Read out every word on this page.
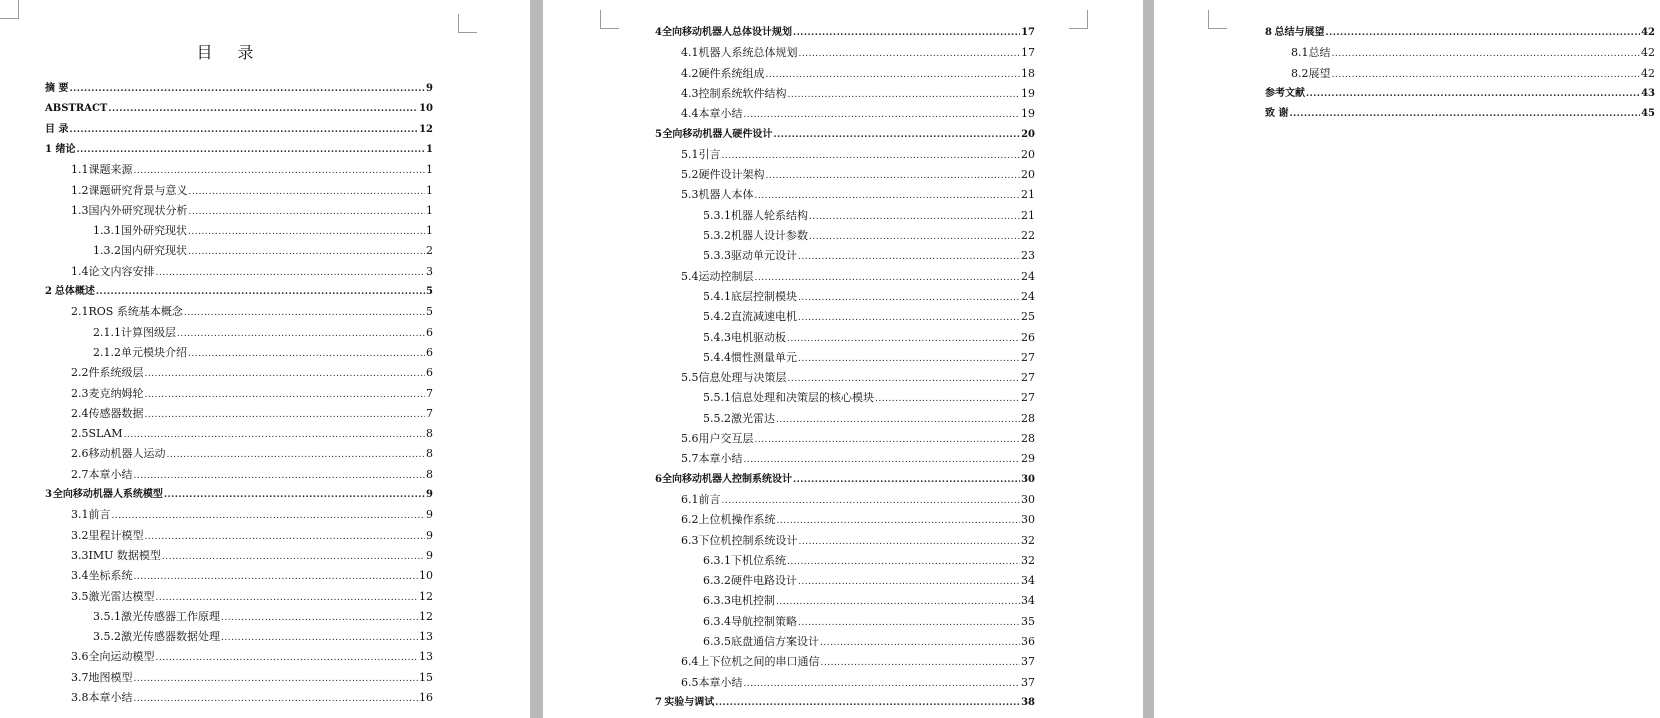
目 录
摘 要 .....	9
ABSTRACT .....	10
目 录 .....	12
1 绪论 .....	1
1.1 课题来源 .....	1
1.2 课题研究背景与意义 .....	1
1.3 国内外研究现状分析 .....	1
1.3.1 国外研究现状 .....	1
1.3.2 国内研究现状 .....	2
1.4 论文内容安排 .....	3
2 总体概述 .....	5
2.1 ROS 系统基本概念 .....	5
2.1.1 计算图级层 .....	6
2.1.2 单元模块介绍 .....	6
2.2 件系统级层 .....	6
2.3 麦克纳姆轮 .....	7
2.4 传感器数据 .....	7
2.5 SLAM .....	8
2.6 移动机器人运动 .....	8
2.7 本章小结 .....	8
3 全向移动机器人系统模型 .....	9
3.1 前言 .....	9
3.2 里程计模型 .....	9
3.3 IMU 数据模型 .....	9
3.4 坐标系统 .....	10
3.5 激光雷达模型 .....	12
3.5.1 激光传感器工作原理 .....	12
3.5.2 激光传感器数据处理 .....	13
3.6 全向运动模型 .....	13
3.7 地图模型 .....	15
3.8 本章小结 .....	16
4 全向移动机器人总体设计规划 .....	17
4.1 机器人系统总体规划 .....	17
4.2 硬件系统组成 .....	18
4.3 控制系统软件结构 .....	19
4.4 本章小结 .....	19
5 全向移动机器人硬件设计 .....	20
5.1 引言 .....	20
5.2 硬件设计架构 .....	20
5.3 机器人本体 .....	21
5.3.1 机器人轮系结构 .....	21
5.3.2 机器人设计参数 .....	22
5.3.3 驱动单元设计 .....	23
5.4 运动控制层 .....	24
5.4.1 底层控制模块 .....	24
5.4.2 直流减速电机 .....	25
5.4.3 电机驱动板 .....	26
5.4.4 惯性测量单元 .....	27
5.5 信息处理与决策层 .....	27
5.5.1 信息处理和决策层的核心模块 .....	27
5.5.2 激光雷达 .....	28
5.6 用户交互层 .....	28
5.7 本章小结 .....	29
6 全向移动机器人控制系统设计 .....	30
6.1 前言 .....	30
6.2 上位机操作系统 .....	30
6.3 下位机控制系统设计 .....	32
6.3.1 下机位系统 .....	32
6.3.2 硬件电路设计 .....	34
6.3.3 电机控制 .....	34
6.3.4 导航控制策略 .....	35
6.3.5 底盘通信方案设计 .....	36
6.4 上下位机之间的串口通信 .....	37
6.5 本章小结 .....	37
7 实验与调试 .....	38
8 总结与展望 .....	42
8.1 总结 .....	42
8.2 展望 .....	42
参考文献 .....	43
致 谢 .....	45
